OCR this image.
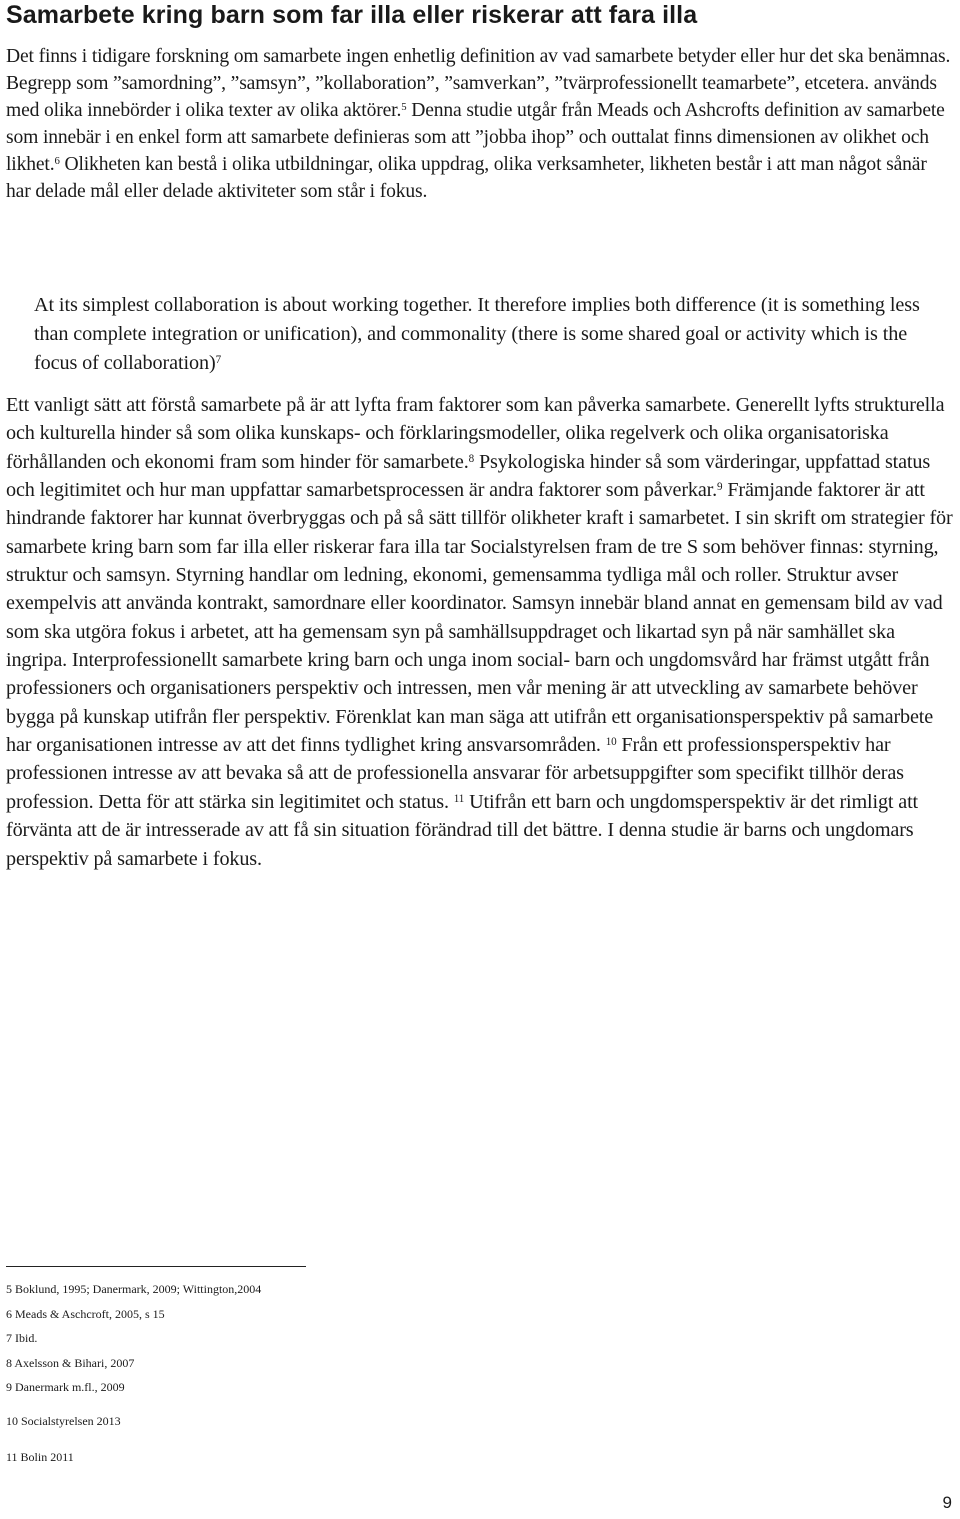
Samarbete kring barn som far illa eller riskerar att fara illa

Det finns i tidigare forskning om samarbete ingen enhetlig definition av vad samarbete betyder eller hur det ska benämnas. Begrepp som ”samordning”, ”samsyn”, ”kollaboration”, ”samverkan”, ”tvärprofessionellt teamarbete”, etcetera. används med olika innebörder i olika texter av olika aktörer.$^5$ Denna studie utgår från Meads och Ashcrofts definition av samarbete som innebär i en enkel form att samarbete definieras som att ”jobba ihop” och outtalat finns dimensionen av olikhet och likhet.$^6$ Olikheten kan bestå i olika utbildningar, olika uppdrag, olika verksamheter, likheten består i att man något sånär har delade mål eller delade aktiviteter som står i fokus.

At its simplest collaboration is about working together. It therefore implies both difference (it is something less than complete integration or unification), and commonality (there is some shared goal or activity which is the focus of collaboration)$^7$

Ett vanligt sätt att förstå samarbete på är att lyfta fram faktorer som kan påverka samarbete. Generellt lyfts strukturella och kulturella hinder så som olika kunskaps- och förklaringsmodeller, olika regelverk och olika organisatoriska förhållanden och ekonomi fram som hinder för samarbete.$^8$ Psykologiska hinder så som värderingar, uppfattad status och legitimitet och hur man uppfattar samarbetsprocessen är andra faktorer som påverkar.$^9$ Främjande faktorer är att hindrande faktorer har kunnat överbryggas och på så sätt tillför olikheter kraft i samarbetet. I sin skrift om strategier för samarbete kring barn som far illa eller riskerar fara illa tar Socialstyrelsen fram de tre S som behöver finnas: styrning, struktur och samsyn. Styrning handlar om ledning, ekonomi, gemensamma tydliga mål och roller. Struktur avser exempelvis att använda kontrakt, samordnare eller koordinator. Samsyn innebär bland annat en gemensam bild av vad som ska utgöra fokus i arbetet, att ha gemensam syn på samhällsuppdraget och likartad syn på när samhället ska ingripa. Interprofessionellt samarbete kring barn och unga inom social- barn och ungdomsvård har främst utgått från professioners och organisationers perspektiv och intressen, men vår mening är att utveckling av samarbete behöver bygga på kunskap utifrån fler perspektiv. Förenklat kan man säga att utifrån ett organisationsperspektiv på samarbete har organisationen intresse av att det finns tydlighet kring ansvarsområden. $^{10}$ Från ett professionsperspektiv har professionen intresse av att bevaka så att de professionella ansvarar för arbetsuppgifter som specifikt tillhör deras profession. Detta för att stärka sin legitimitet och status. $^{11}$ Utifrån ett barn och ungdomsperspektiv är det rimligt att förvänta att de är intresserade av att få sin situation förändrad till det bättre. I denna studie är barns och ungdomars perspektiv på samarbete i fokus.

5 Boklund, 1995; Danermark, 2009; Wittington,2004

6 Meads & Aschcroft, 2005, s 15

7 Ibid.

8 Axelsson & Bihari, 2007

9 Danermark m.fl., 2009

10 Socialstyrelsen 2013

11 Bolin 2011

9
